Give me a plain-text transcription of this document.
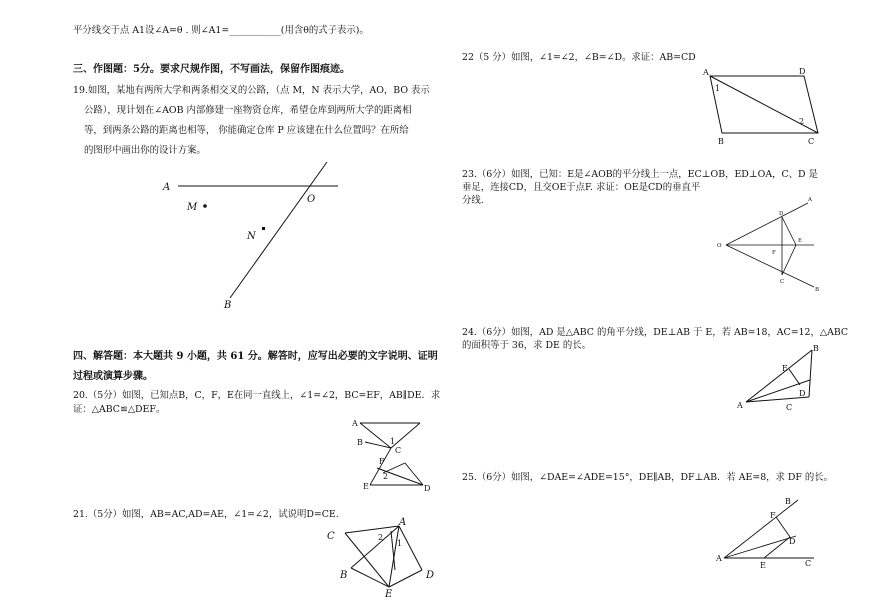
平分线交于点 A1设∠A=θ . 则∠A1=___________(用含θ的式子表示)。
三、作图题：5分。要求尺规作图，不写画法，保留作图痕迹。
19.如图，某地有两所大学和两条相交叉的公路，（点 M，N 表示大学，AO，BO 表示
公路），现计划在∠AOB 内部修建一座物资仓库，希望仓库到两所大学的距离相
等，到两条公路的距离也相等， 你能确定仓库 P 应该建在什么位置吗？在所给
的图形中画出你的设计方案。
A
O
M
N
B
四、解答题：本大题共 9 小题，共 61 分。解答时，应写出必要的文字说明、证明
过程或演算步骤。
20.（5分）如图，已知点B，C，F，E在同一直线上，∠1=∠2，BC=EF，AB∥DE．求
证：△ABC≌△DEF。
A
B	1
C
F
2
E	D
21.（5分）如图，AB=AC,AD=AE，∠1=∠2，试说明D=CE.
A
C	2
1
B	D
E
22（5 分）如图，∠1=∠2，∠B=∠D。求证：AB=CD
A	D
1
2
B	C
23.（6分）如图，已知：E是∠AOB的平分线上一点，EC⊥OB，ED⊥OA，C、D 是
垂足，连接CD，且交OE于点F. 求证：OE是CD的垂直平
分线.
O
A
D
E
F
C
B
24.（6分）如图，AD 是△ABC 的角平分线，DE⊥AB 于 E，若 AB=18，AC=12，△ABC
的面积等于 36，求 DE 的长。	B
E
D
A	C
25.（6分）如图，∠DAE=∠ADE=15°，DE∥AB，DF⊥AB．若 AE=8，求 DF 的长。
B
F
D
A
E	C
